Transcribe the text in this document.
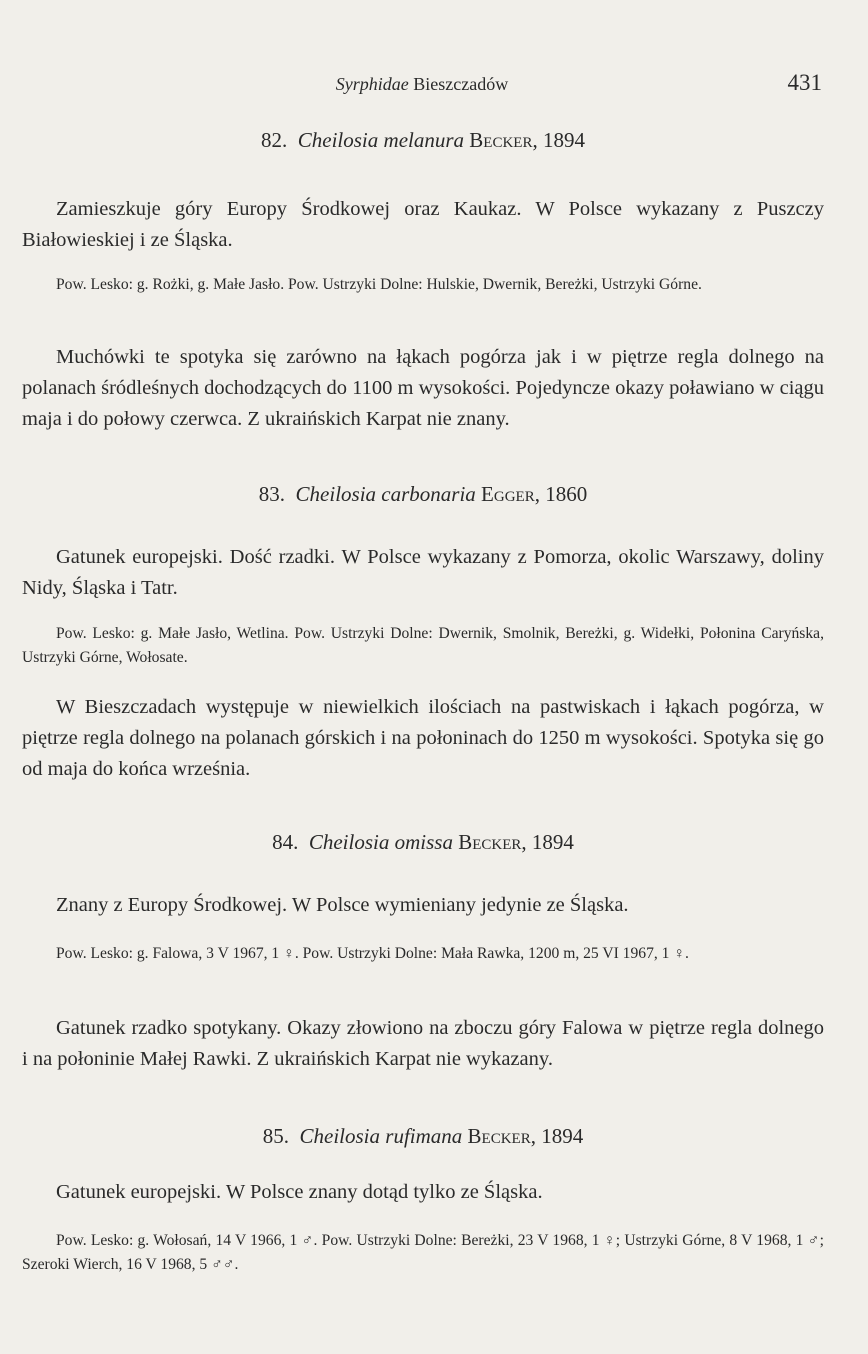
Syrphidae Bieszczadów	431
82. Cheilosia melanura Becker, 1894
Zamieszkuje góry Europy Środkowej oraz Kaukaz. W Polsce wykazany z Puszczy Białowieskiej i ze Śląska.
Pow. Lesko: g. Rożki, g. Małe Jasło. Pow. Ustrzyki Dolne: Hulskie, Dwernik, Bereżki, Ustrzyki Górne.
Muchówki te spotyka się zarówno na łąkach pogórza jak i w piętrze regla dolnego na polanach śródleśnych dochodzących do 1100 m wysokości. Pojedyncze okazy poławiano w ciągu maja i do połowy czerwca. Z ukraińskich Karpat nie znany.
83. Cheilosia carbonaria Egger, 1860
Gatunek europejski. Dość rzadki. W Polsce wykazany z Pomorza, okolic Warszawy, doliny Nidy, Śląska i Tatr.
Pow. Lesko: g. Małe Jasło, Wetlina. Pow. Ustrzyki Dolne: Dwernik, Smolnik, Bereżki, g. Widełki, Połonina Caryńska, Ustrzyki Górne, Wołosate.
W Bieszczadach występuje w niewielkich ilościach na pastwiskach i łąkach pogórza, w piętrze regla dolnego na polanach górskich i na połoninach do 1250 m wysokości. Spotyka się go od maja do końca września.
84. Cheilosia omissa Becker, 1894
Znany z Europy Środkowej. W Polsce wymieniany jedynie ze Śląska.
Pow. Lesko: g. Falowa, 3 V 1967, 1 ♀. Pow. Ustrzyki Dolne: Mała Rawka, 1200 m, 25 VI 1967, 1 ♀.
Gatunek rzadko spotykany. Okazy złowiono na zboczu góry Falowa w piętrze regla dolnego i na połoninie Małej Rawki. Z ukraińskich Karpat nie wykazany.
85. Cheilosia rufimana Becker, 1894
Gatunek europejski. W Polsce znany dotąd tylko ze Śląska.
Pow. Lesko: g. Wołosań, 14 V 1966, 1 ♂. Pow. Ustrzyki Dolne: Bereżki, 23 V 1968, 1 ♀; Ustrzyki Górne, 8 V 1968, 1 ♂; Szeroki Wierch, 16 V 1968, 5 ♂♂.
